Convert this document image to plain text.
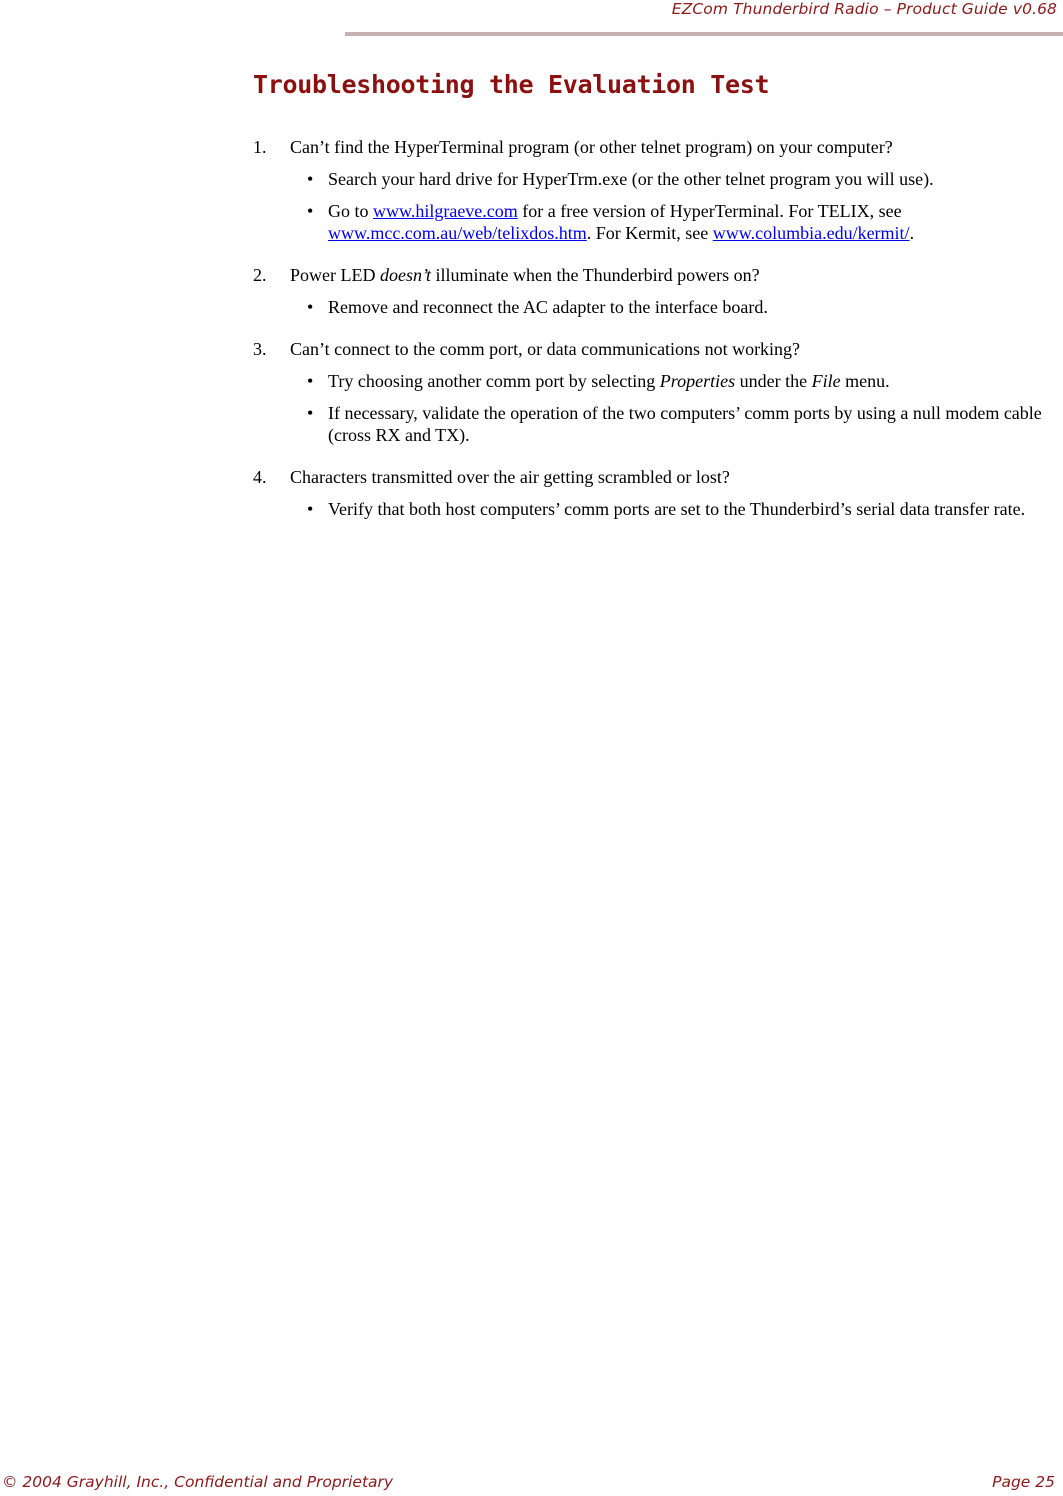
EZCom Thunderbird Radio – Product Guide v0.68
Troubleshooting the Evaluation Test
1. Can’t find the HyperTerminal program (or other telnet program) on your computer?
• Search your hard drive for HyperTrm.exe (or the other telnet program you will use).
• Go to www.hilgraeve.com for a free version of HyperTerminal. For TELIX, see www.mcc.com.au/web/telixdos.htm. For Kermit, see www.columbia.edu/kermit/.
2. Power LED doesn’t illuminate when the Thunderbird powers on?
• Remove and reconnect the AC adapter to the interface board.
3. Can’t connect to the comm port, or data communications not working?
• Try choosing another comm port by selecting Properties under the File menu.
• If necessary, validate the operation of the two computers’ comm ports by using a null modem cable (cross RX and TX).
4. Characters transmitted over the air getting scrambled or lost?
• Verify that both host computers’ comm ports are set to the Thunderbird’s serial data transfer rate.
© 2004 Grayhill, Inc., Confidential and Proprietary	Page 25
